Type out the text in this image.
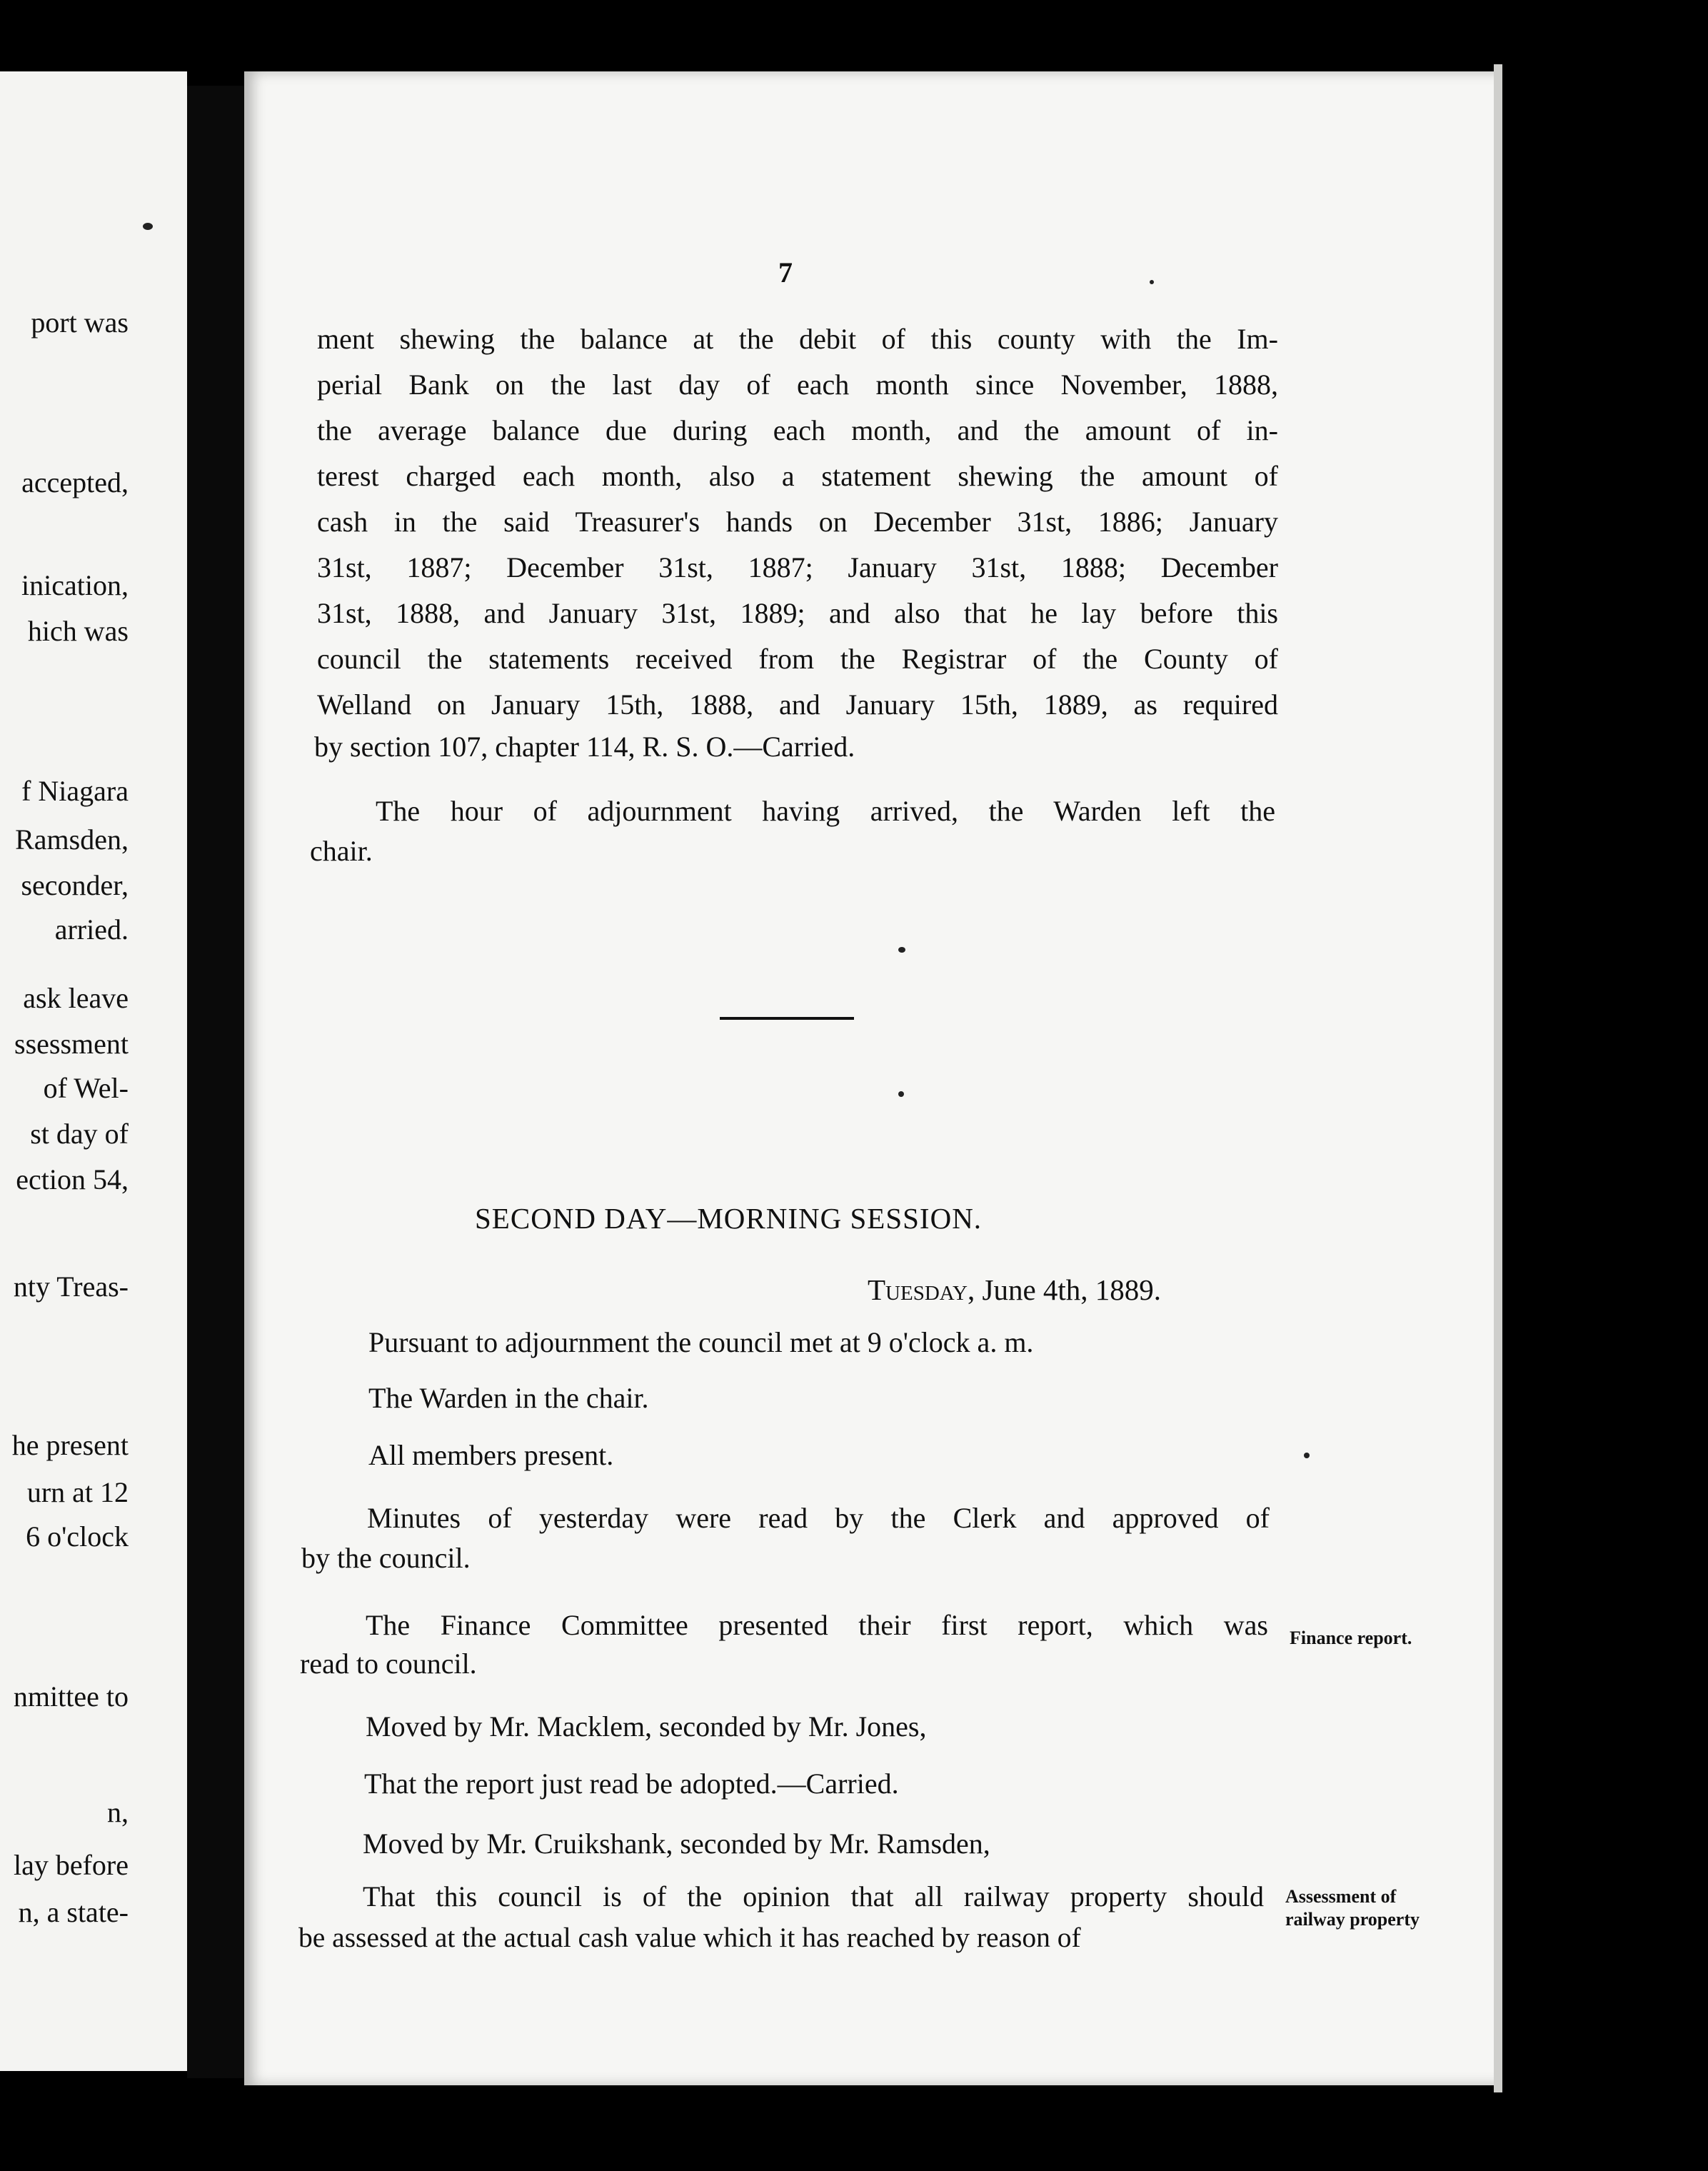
port was
accepted,
inication,
hich was
f Niagara
Ramsden,
seconder,
arried.
ask leave
ssessment
of Wel-
st day of
ection 54,
nty Treas-
he present
urn at 12
6 o'clock
nmittee to
n,
lay before
n, a state-
7
ment shewing the balance at the debit of this county with the Im-
perial Bank on the last day of each month since November, 1888,
the average balance due during each month, and the amount of in-
terest charged each month, also a statement shewing the amount of
cash in the said Treasurer's hands on December 31st, 1886; January
31st, 1887; December 31st, 1887; January 31st, 1888; December
31st, 1888, and January 31st, 1889; and also that he lay before this
council the statements received from the Registrar of the County of
Welland on January 15th, 1888, and January 15th, 1889, as required
by section 107, chapter 114, R. S. O.—Carried.
The hour of adjournment having arrived, the Warden left the
chair.
SECOND DAY—MORNING SESSION.
Tuesday, June 4th, 1889.
Pursuant to adjournment the council met at 9 o'clock a. m.
The Warden in the chair.
All members present.
Minutes of yesterday were read by the Clerk and approved of
by the council.
The Finance Committee presented their first report, which was
read to council.
Moved by Mr. Macklem, seconded by Mr. Jones,
That the report just read be adopted.—Carried.
Moved by Mr. Cruikshank, seconded by Mr. Ramsden,
That this council is of the opinion that all railway property should
be assessed at the actual cash value which it has reached by reason of
Finance report.
Assessment of
railway property
